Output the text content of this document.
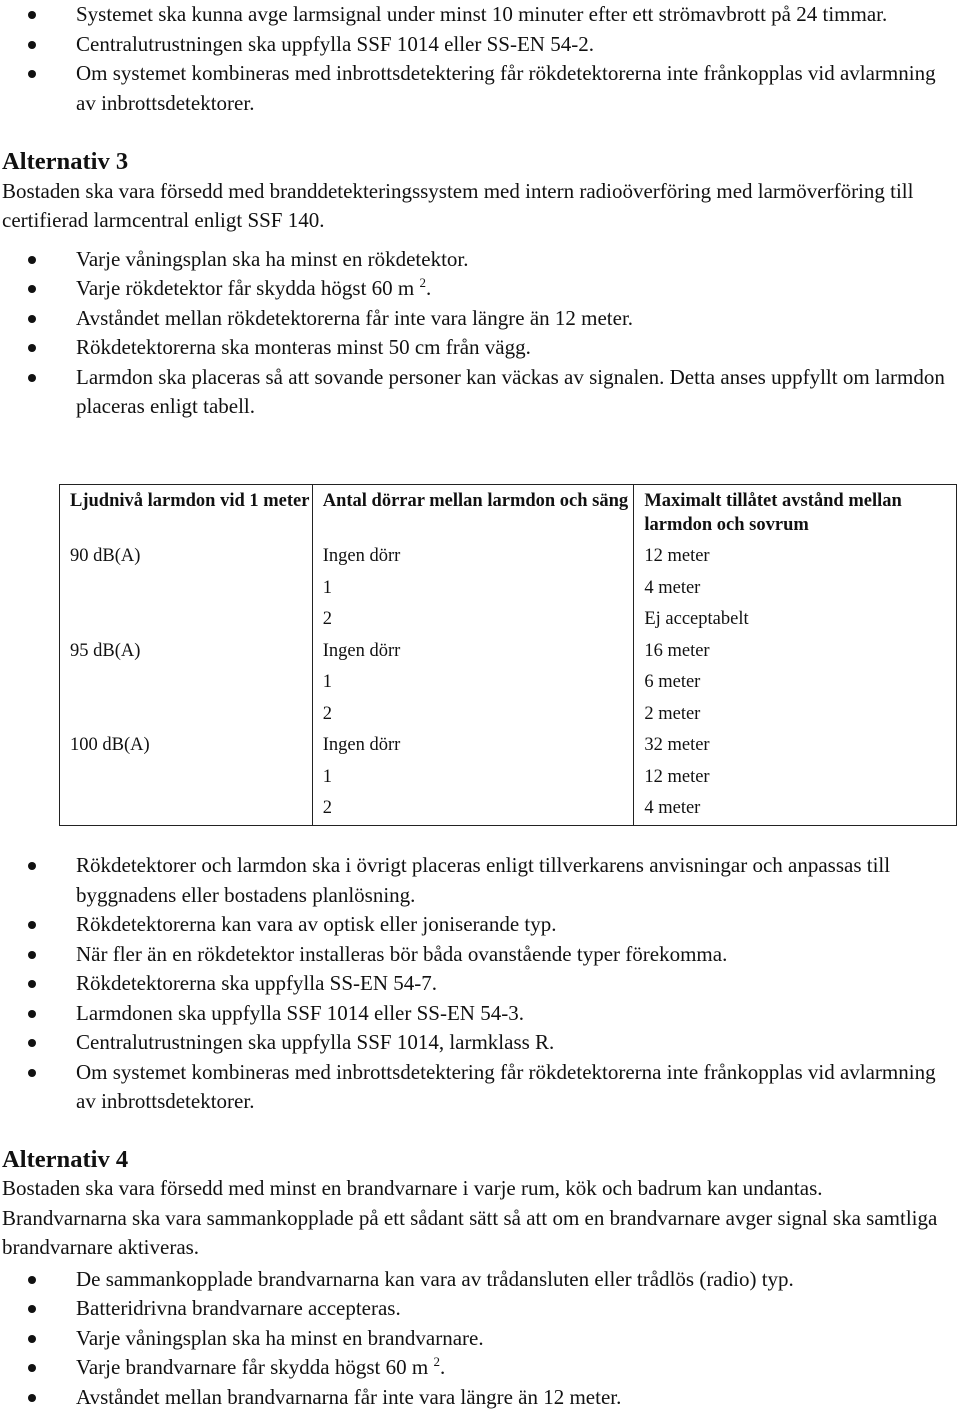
Systemet ska kunna avge larmsignal under minst 10 minuter efter ett strömavbrott på 24 timmar.
Centralutrustningen ska uppfylla SSF 1014 eller SS-EN 54-2.
Om systemet kombineras med inbrottsdetektering får rökdetektorerna inte frånkopplas vid avlarmning av inbrottsdetektorer.
Alternativ 3

Bostaden ska vara försedd med branddetekteringssystem med intern radioöverföring med larmöverföring till certifierad larmcentral enligt SSF 140.

Varje våningsplan ska ha minst en rökdetektor.
Varje rökdetektor får skydda högst 60 m $^2$.
Avståndet mellan rökdetektorerna får inte vara längre än 12 meter.
Rökdetektorerna ska monteras minst 50 cm från vägg.
Larmdon ska placeras så att sovande personer kan väckas av signalen. Detta anses uppfyllt om larmdon placeras enligt tabell.
Ljudnivå larmdon vid 1 meter	Antal dörrar mellan larmdon och säng	Maximalt tillåtet avstånd mellan larmdon och sovrum
90 dB(A)	Ingen dörr	12 meter
	1	4 meter
	2	Ej acceptabelt
95 dB(A)	Ingen dörr	16 meter
	1	6 meter
	2	2 meter
100 dB(A)	Ingen dörr	32 meter
	1	12 meter
	2	4 meter
Rökdetektorer och larmdon ska i övrigt placeras enligt tillverkarens anvisningar och anpassas till byggnadens eller bostadens planlösning.
Rökdetektorerna kan vara av optisk eller joniserande typ.
När fler än en rökdetektor installeras bör båda ovanstående typer förekomma.
Rökdetektorerna ska uppfylla SS-EN 54-7.
Larmdonen ska uppfylla SSF 1014 eller SS-EN 54-3.
Centralutrustningen ska uppfylla SSF 1014, larmklass R.
Om systemet kombineras med inbrottsdetektering får rökdetektorerna inte frånkopplas vid avlarmning av inbrottsdetektorer.
Alternativ 4

Bostaden ska vara försedd med minst en brandvarnare i varje rum, kök och badrum kan undantas. Brandvarnarna ska vara sammankopplade på ett sådant sätt så att om en brandvarnare avger signal ska samtliga brandvarnare aktiveras.

De sammankopplade brandvarnarna kan vara av trådansluten eller trådlös (radio) typ.
Batteridrivna brandvarnare accepteras.
Varje våningsplan ska ha minst en brandvarnare.
Varje brandvarnare får skydda högst 60 m $^2$.
Avståndet mellan brandvarnarna får inte vara längre än 12 meter.
